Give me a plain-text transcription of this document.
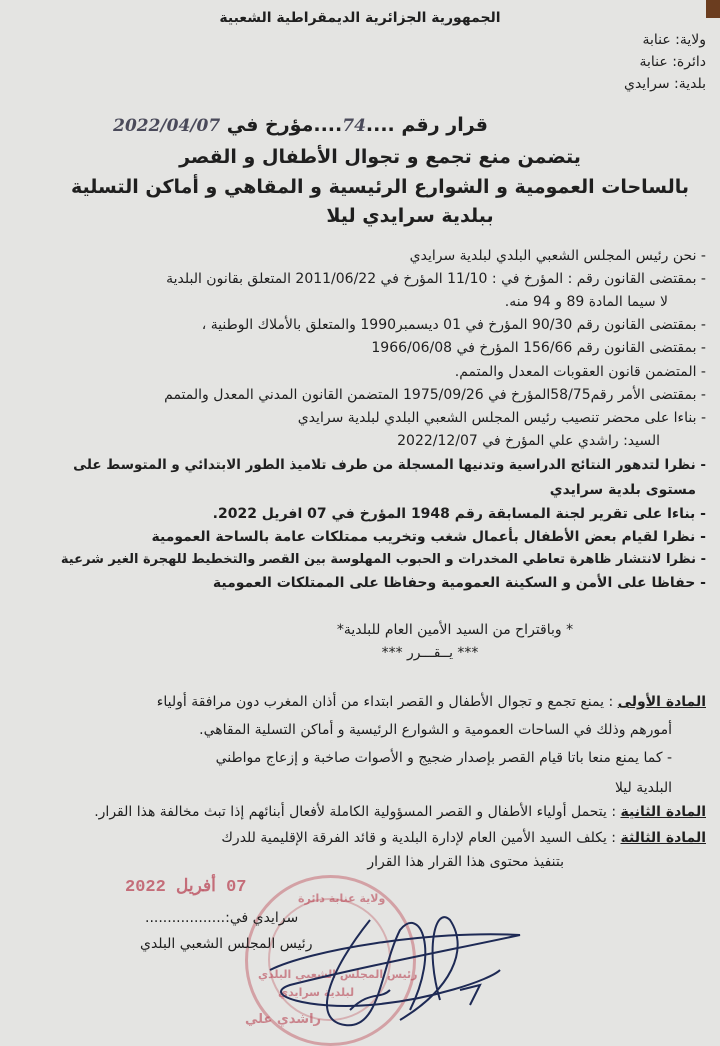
الجمهورية الجزائرية الديمقراطية الشعبية
ولاية: عنابة
دائرة: عنابة
بلدية: سرايدي
قرار رقم ....74....مؤرخ في 2022/04/07
يتضمن منع تجمع و تجوال الأطفال و القصر
بالساحات العمومية و الشوارع الرئيسية و المقاهي و أماكن التسلية
ببلدية سرايدي ليلا
- نحن رئيس المجلس الشعبي البلدي لبلدية سرايدي
- بمقتضى القانون رقم : المؤرخ في : 11/10 المؤرخ في 2011/06/22 المتعلق بقانون البلدية
لا سيما المادة 89 و 94 منه.
- بمقتضى القانون رقم 90/30 المؤرخ في 01 ديسمبر1990 والمتعلق بالأملاك الوطنية ،
- بمقتضى القانون رقم 156/66 المؤرخ في 1966/06/08
- المتضمن قانون العقوبات المعدل والمتمم.
- بمقتضى الأمر رقم58/75المؤرخ في 1975/09/26 المتضمن القانون المدني المعدل والمتمم
- بناءا على محضر تنصيب رئيس المجلس الشعبي البلدي لبلدية سرايدي
السيد: راشدي علي المؤرخ في 2022/12/07
- نظرا لتدهور النتائج الدراسية وتدنيها المسجلة من طرف تلاميذ الطور الابتدائي و المتوسط على
مستوى بلدية سرايدي
- بناءا على تقرير لجنة المسابقة رقم 1948 المؤرخ في 07 افريل 2022.
- نظرا لقيام بعض الأطفال بأعمال شغب وتخريب ممتلكات عامة بالساحة العمومية
- نظرا لانتشار ظاهرة تعاطي المخدرات و الحبوب المهلوسة بين القصر والتخطيط للهجرة الغير شرعية
- حفاظا على الأمن و السكينة العمومية وحفاظا على الممتلكات العمومية
* وباقتراح من السيد الأمين العام للبلدية*
*** يــقـــرر ***
المادة الأولى : يمنع تجمع و تجوال الأطفال و القصر ابتداء من أذان المغرب دون مرافقة أولياء
أمورهم وذلك في الساحات العمومية و الشوارع الرئيسية و أماكن التسلية المقاهي.
- كما يمنع منعا باتا قيام القصر بإصدار ضجيج و الأصوات صاخبة و إزعاج مواطني
البلدية ليلا
المادة الثانية : يتحمل أولياء الأطفال و القصر المسؤولية الكاملة لأفعال أبنائهم إذا تبث مخالفة هذا القرار.
المادة الثالثة : يكلف السيد الأمين العام لإدارة البلدية و قائد الفرقة الإقليمية للدرك
بتنفيذ محتوى هذا القرار هذا القرار
ولاية عنابة دائرة
رئيس المجلس الشعبي البلدي
لبلدية سرايدي
راشدي علي
07 أفريل 2022
سرايدي في:..................
رئيس المجلس الشعبي البلدي
